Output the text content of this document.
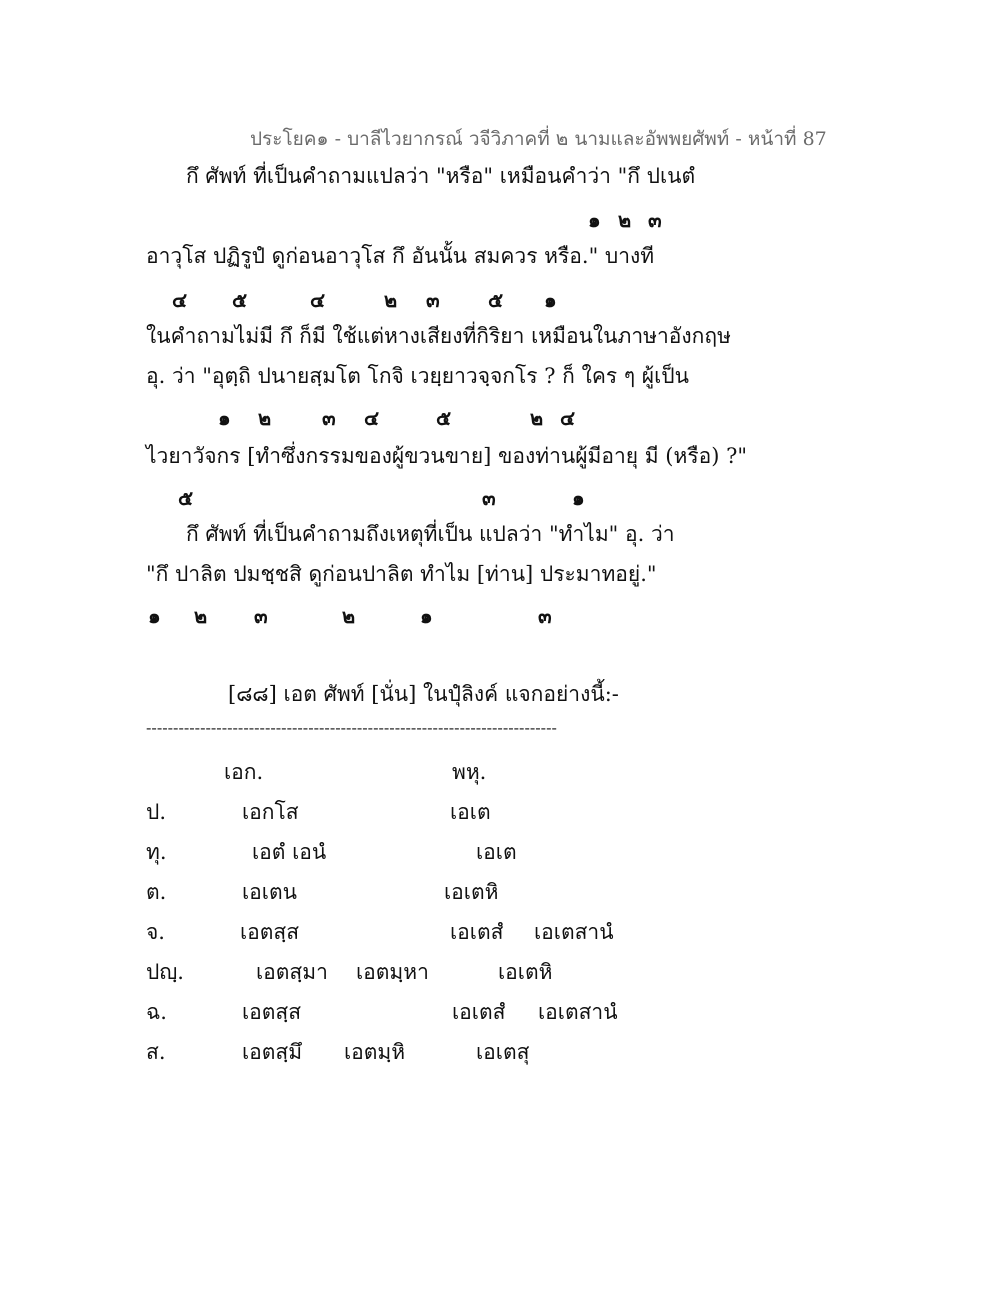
ประโยค๑ - บาลีไวยากรณ์ วจีวิภาคที่ ๒ นามและอัพพยศัพท์ - หน้าที่ 87
กึ ศัพท์ ที่เป็นคำถามแปลว่า "หรือ" เหมือนคำว่า "กึ ปเนตํ
๑ ๒ ๓
อาวุโส ปฏิรูปํ ดูก่อนอาวุโส กึ อันนั้น สมควร หรือ." บางที
๔ ๕	๔	๒ ๓ ๕ ๑
ในคำถามไม่มี กึ ก็มี ใช้แต่หางเสียงที่กิริยา เหมือนในภาษาอังกฤษ
อุ. ว่า "อุตฺถิ ปนายสฺมโต โกจิ เวยฺยาวจฺจกโร ? ก็ ใคร ๆ ผู้เป็น
๑ ๒	๓ ๔	๕	๒ ๔
ไวยาวัจกร [ทำซึ่งกรรมของผู้ขวนขาย] ของท่านผู้มีอายุ มี (หรือ) ?"
๕	๓	๑
กึ ศัพท์ ที่เป็นคำถามถึงเหตุที่เป็น แปลว่า "ทำไม" อุ. ว่า
"กึ ปาลิต ปมชฺชสิ ดูก่อนปาลิต ทำไม [ท่าน] ประมาทอยู่."
๑ ๒ ๓	๒	๑	๓
[๘๘] เอต ศัพท์ [นั่น] ในปุํลิงค์ แจกอย่างนี้:-
----------------------------------------------------------------------------
เอก.	พหุ.
ป.	เอกโส	เอเต
ทุ.	เอตํ เอนํ	เอเต
ต.	เอเตน	เอเตหิ
จ.	เอตสฺส	เอเตสํ เอเตสานํ
ปญฺ.	เอตสฺมา เอตมฺหา	เอเตหิ
ฉ.	เอตสฺส	เอเตสํ เอเตสานํ
ส.	เอตสฺมึ เอตมฺหิ	เอเตสุ
